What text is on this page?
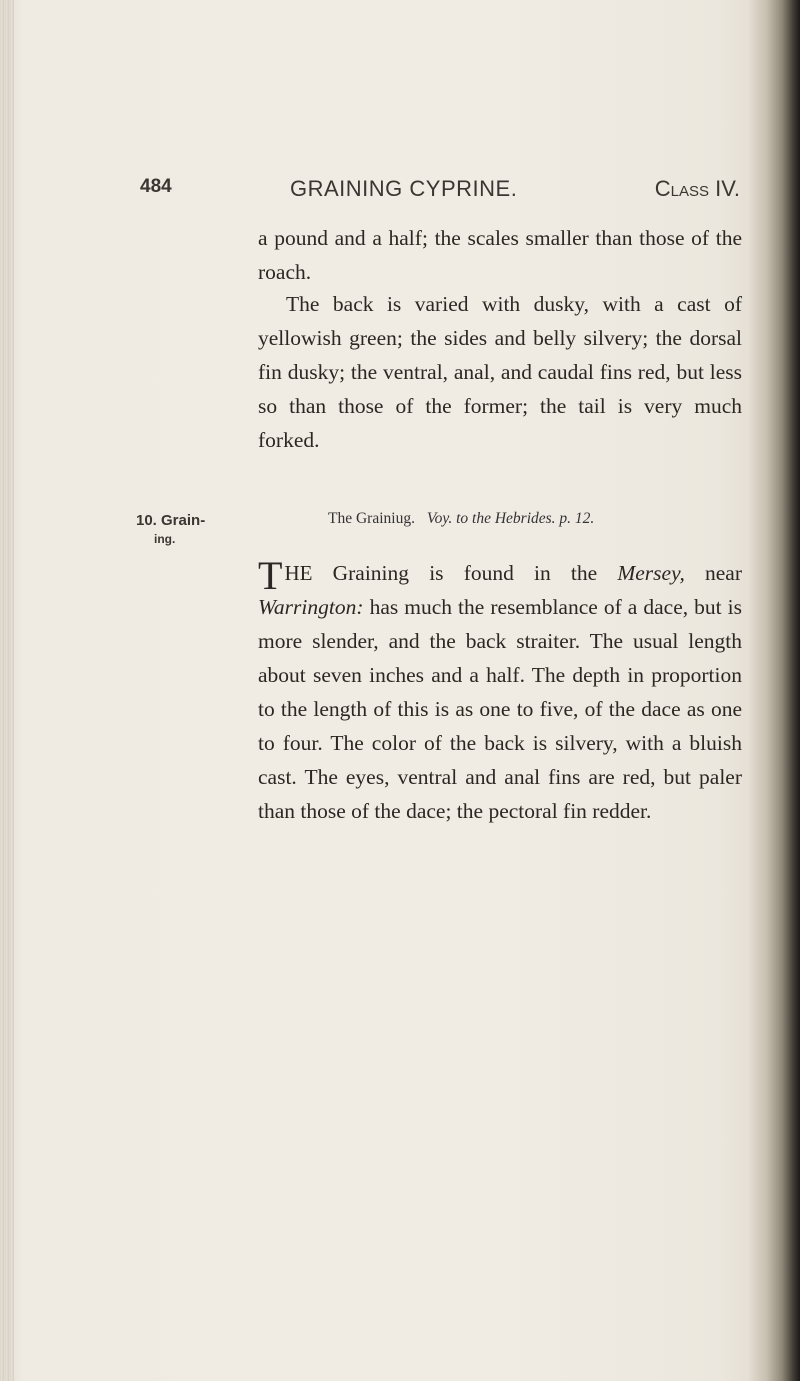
484	GRAINING CYPRINE.	Class IV.
a pound and a half; the scales smaller than those of the roach.
The back is varied with dusky, with a cast of yellowish green; the sides and belly silvery; the dorsal fin dusky; the ventral, anal, and caudal fins red, but less so than those of the former; the tail is very much forked.
10. Grain-
ing.
The Grainiug. Voy. to the Hebrides. p. 12.
THE Graining is found in the Mersey, near Warrington: has much the resemblance of a dace, but is more slender, and the back straiter. The usual length about seven inches and a half. The depth in proportion to the length of this is as one to five, of the dace as one to four. The color of the back is silvery, with a bluish cast. The eyes, ventral and anal fins are red, but paler than those of the dace; the pectoral fin redder.
